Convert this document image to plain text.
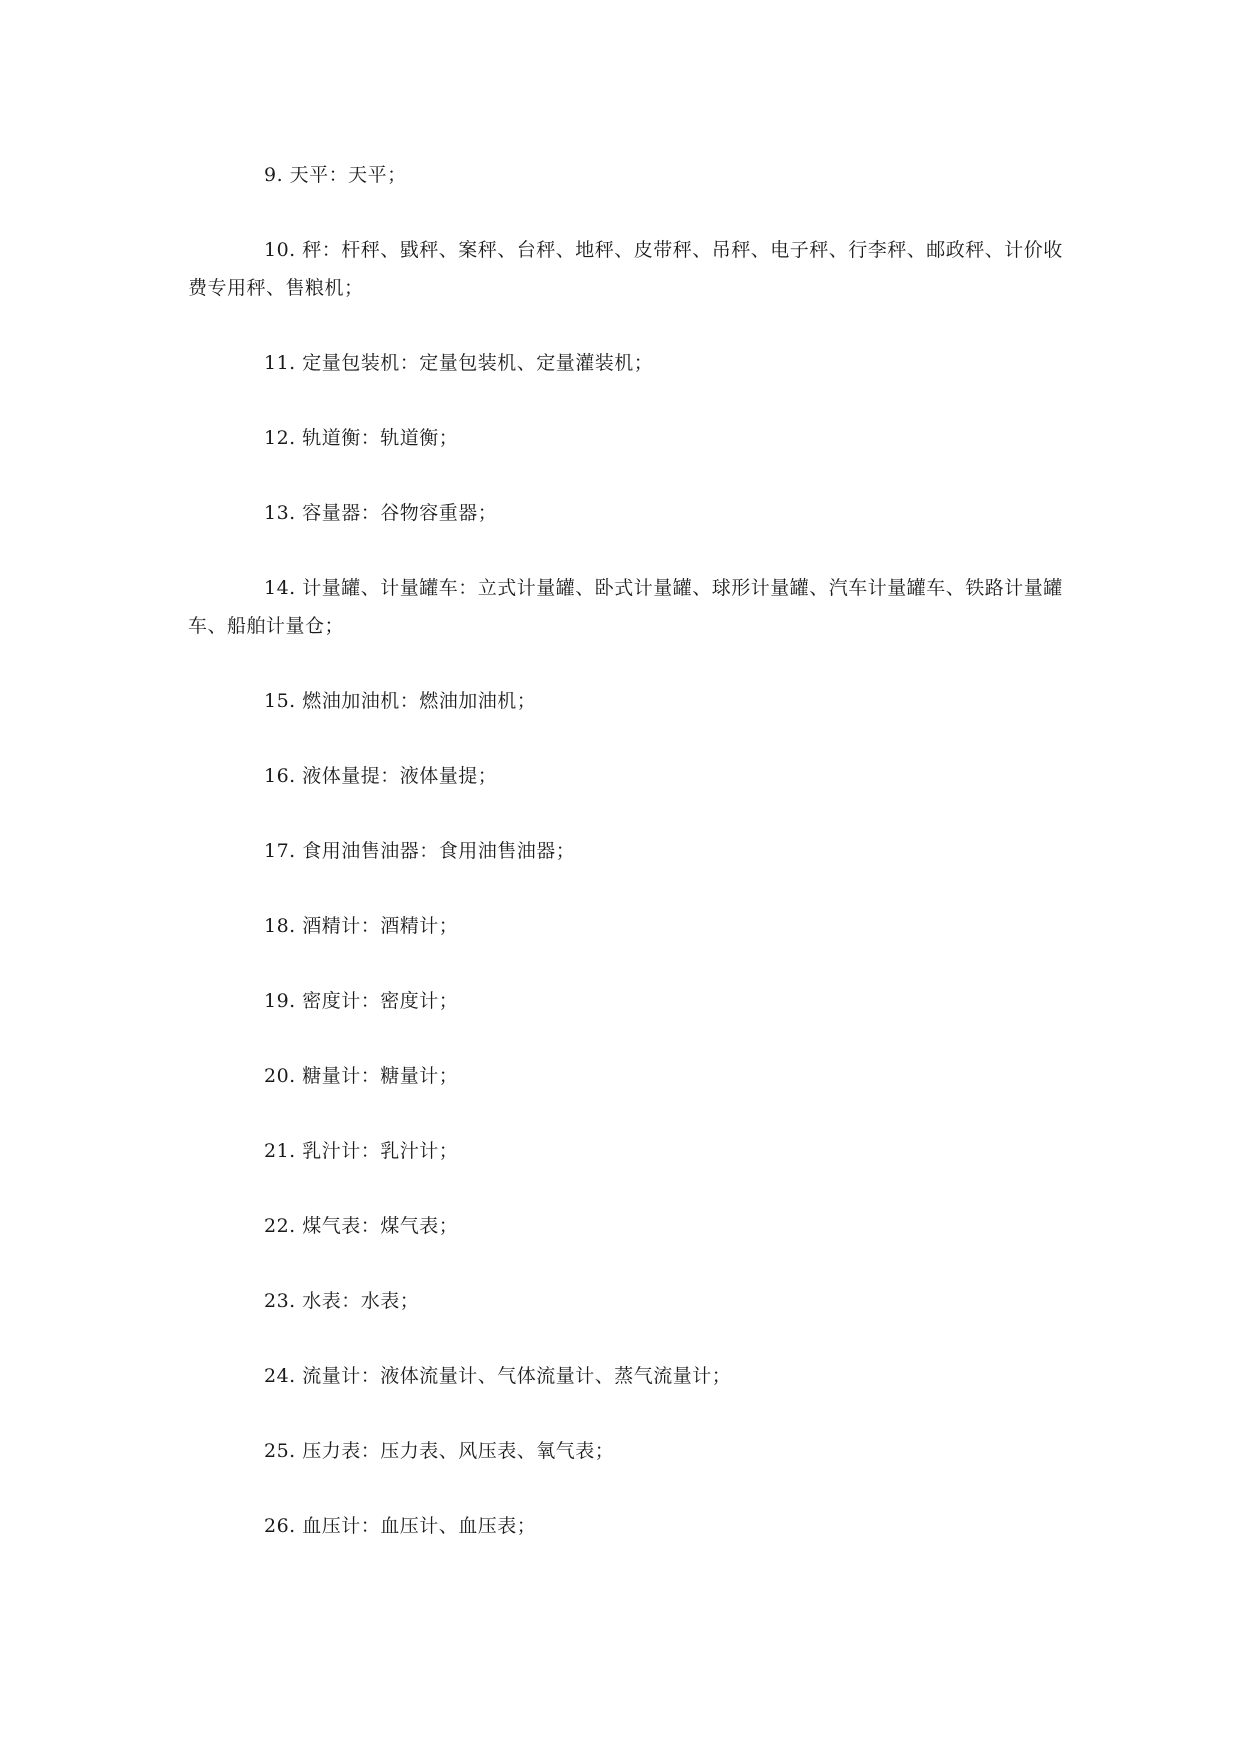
9. 天平：天平；

10. 秤：杆秤、戥秤、案秤、台秤、地秤、皮带秤、吊秤、电子秤、行李秤、邮政秤、计价收费专用秤、售粮机；

11. 定量包装机：定量包装机、定量灌装机；

12. 轨道衡：轨道衡；

13. 容量器：谷物容重器；

14. 计量罐、计量罐车：立式计量罐、卧式计量罐、球形计量罐、汽车计量罐车、铁路计量罐车、船舶计量仓；

15. 燃油加油机：燃油加油机；

16. 液体量提：液体量提；

17. 食用油售油器：食用油售油器；

18. 酒精计：酒精计；

19. 密度计：密度计；

20. 糖量计：糖量计；

21. 乳汁计：乳汁计；

22. 煤气表：煤气表；

23. 水表：水表；

24. 流量计：液体流量计、气体流量计、蒸气流量计；

25. 压力表：压力表、风压表、氧气表；

26. 血压计：血压计、血压表；
